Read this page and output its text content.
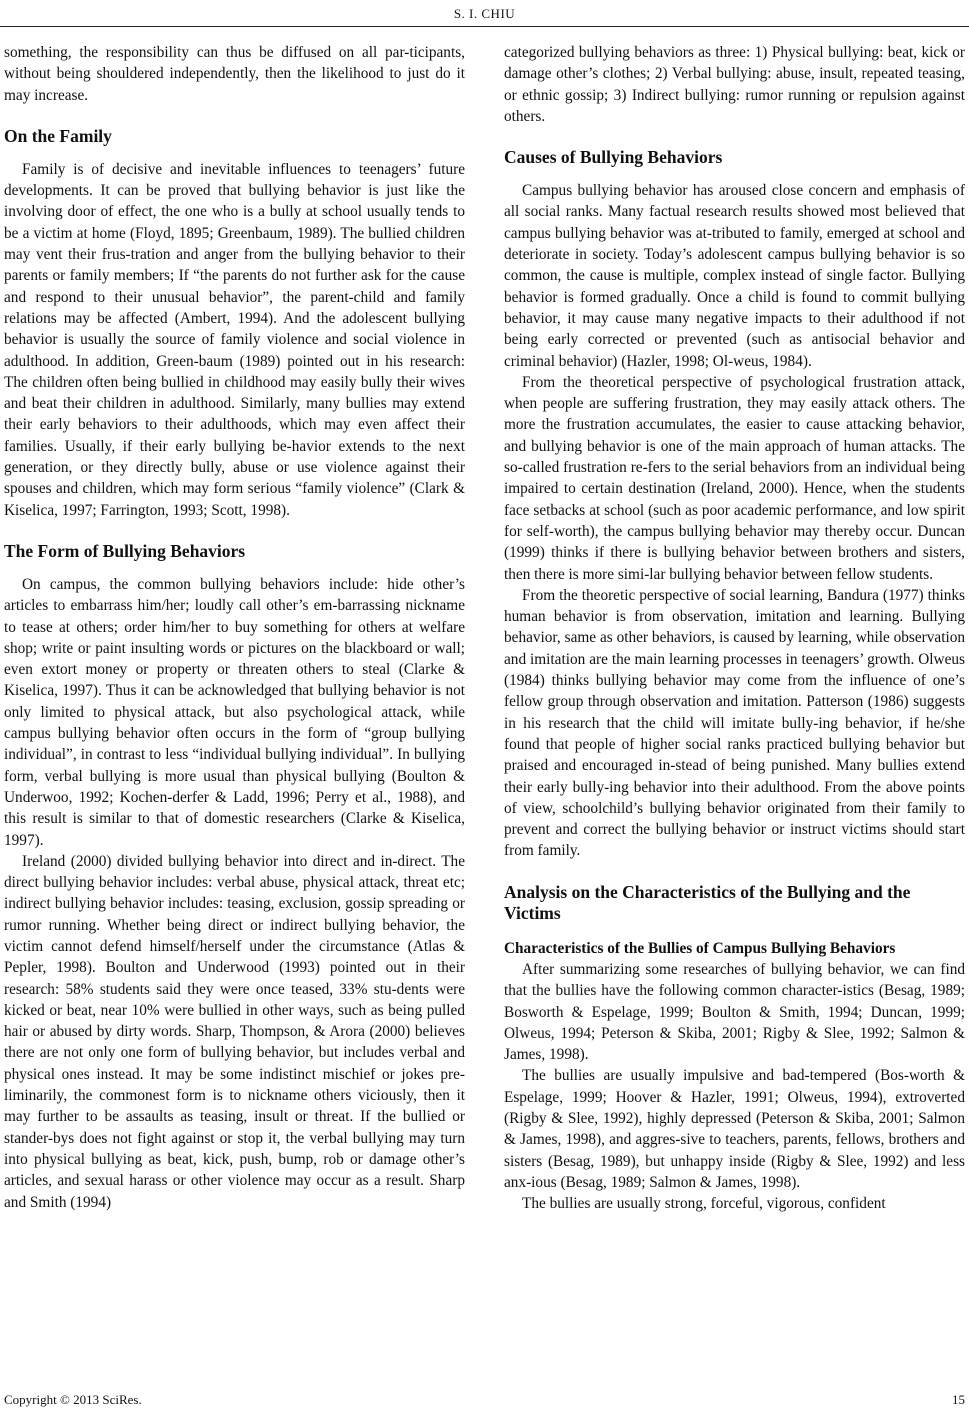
S. I. CHIU

something, the responsibility can thus be diffused on all par-ticipants, without being shouldered independently, then the likelihood to just do it may increase.

On the Family

Family is of decisive and inevitable influences to teenagers’ future developments. It can be proved that bullying behavior is just like the involving door of effect, the one who is a bully at school usually tends to be a victim at home (Floyd, 1895; Greenbaum, 1989). The bullied children may vent their frus-tration and anger from the bullying behavior to their parents or family members; If “the parents do not further ask for the cause and respond to their unusual behavior”, the parent-child and family relations may be affected (Ambert, 1994). And the adolescent bullying behavior is usually the source of family violence and social violence in adulthood. In addition, Green-baum (1989) pointed out in his research: The children often being bullied in childhood may easily bully their wives and beat their children in adulthood. Similarly, many bullies may extend their early behaviors to their adulthoods, which may even affect their families. Usually, if their early bullying be-havior extends to the next generation, or they directly bully, abuse or use violence against their spouses and children, which may form serious “family violence” (Clark & Kiselica, 1997; Farrington, 1993; Scott, 1998).

The Form of Bullying Behaviors

On campus, the common bullying behaviors include: hide other’s articles to embarrass him/her; loudly call other’s em-barrassing nickname to tease at others; order him/her to buy something for others at welfare shop; write or paint insulting words or pictures on the blackboard or wall; even extort money or property or threaten others to steal (Clarke & Kiselica, 1997). Thus it can be acknowledged that bullying behavior is not only limited to physical attack, but also psychological attack, while campus bullying behavior often occurs in the form of “group bullying individual”, in contrast to less “individual bullying individual”. In bullying form, verbal bullying is more usual than physical bullying (Boulton & Underwoo, 1992; Kochen-derfer & Ladd, 1996; Perry et al., 1988), and this result is similar to that of domestic researchers (Clarke & Kiselica, 1997).

Ireland (2000) divided bullying behavior into direct and in-direct. The direct bullying behavior includes: verbal abuse, physical attack, threat etc; indirect bullying behavior includes: teasing, exclusion, gossip spreading or rumor running. Whether being direct or indirect bullying behavior, the victim cannot defend himself/herself under the circumstance (Atlas & Pepler, 1998). Boulton and Underwood (1993) pointed out in their research: 58% students said they were once teased, 33% stu-dents were kicked or beat, near 10% were bullied in other ways, such as being pulled hair or abused by dirty words. Sharp, Thompson, & Arora (2000) believes there are not only one form of bullying behavior, but includes verbal and physical ones instead. It may be some indistinct mischief or jokes pre-liminarily, the commonest form is to nickname others viciously, then it may further to be assaults as teasing, insult or threat. If the bullied or stander-bys does not fight against or stop it, the verbal bullying may turn into physical bullying as beat, kick, push, bump, rob or damage other’s articles, and sexual harass or other violence may occur as a result. Sharp and Smith (1994)

categorized bullying behaviors as three: 1) Physical bullying: beat, kick or damage other’s clothes; 2) Verbal bullying: abuse, insult, repeated teasing, or ethnic gossip; 3) Indirect bullying: rumor running or repulsion against others.

Causes of Bullying Behaviors

Campus bullying behavior has aroused close concern and emphasis of all social ranks. Many factual research results showed most believed that campus bullying behavior was at-tributed to family, emerged at school and deteriorate in society. Today’s adolescent campus bullying behavior is so common, the cause is multiple, complex instead of single factor. Bullying behavior is formed gradually. Once a child is found to commit bullying behavior, it may cause many negative impacts to their adulthood if not being early corrected or prevented (such as antisocial behavior and criminal behavior) (Hazler, 1998; Ol-weus, 1984).

From the theoretical perspective of psychological frustration attack, when people are suffering frustration, they may easily attack others. The more the frustration accumulates, the easier to cause attacking behavior, and bullying behavior is one of the main approach of human attacks. The so-called frustration re-fers to the serial behaviors from an individual being impaired to certain destination (Ireland, 2000). Hence, when the students face setbacks at school (such as poor academic performance, and low spirit for self-worth), the campus bullying behavior may thereby occur. Duncan (1999) thinks if there is bullying behavior between brothers and sisters, then there is more simi-lar bullying behavior between fellow students.

From the theoretic perspective of social learning, Bandura (1977) thinks human behavior is from observation, imitation and learning. Bullying behavior, same as other behaviors, is caused by learning, while observation and imitation are the main learning processes in teenagers’ growth. Olweus (1984) thinks bullying behavior may come from the influence of one’s fellow group through observation and imitation. Patterson (1986) suggests in his research that the child will imitate bully-ing behavior, if he/she found that people of higher social ranks practiced bullying behavior but praised and encouraged in-stead of being punished. Many bullies extend their early bully-ing behavior into their adulthood. From the above points of view, schoolchild’s bullying behavior originated from their family to prevent and correct the bullying behavior or instruct victims should start from family.

Analysis on the Characteristics of the Bullying and the Victims
Characteristics of the Bullies of Campus Bullying Behaviors

After summarizing some researches of bullying behavior, we can find that the bullies have the following common character-istics (Besag, 1989; Bosworth & Espelage, 1999; Boulton & Smith, 1994; Duncan, 1999; Olweus, 1994; Peterson & Skiba, 2001; Rigby & Slee, 1992; Salmon & James, 1998).

The bullies are usually impulsive and bad-tempered (Bos-worth & Espelage, 1999; Hoover & Hazler, 1991; Olweus, 1994), extroverted (Rigby & Slee, 1992), highly depressed (Peterson & Skiba, 2001; Salmon & James, 1998), and aggres-sive to teachers, parents, fellows, brothers and sisters (Besag, 1989), but unhappy inside (Rigby & Slee, 1992) and less anx-ious (Besag, 1989; Salmon & James, 1998).

The bullies are usually strong, forceful, vigorous, confident

Copyright © 2013 SciRes.	15
